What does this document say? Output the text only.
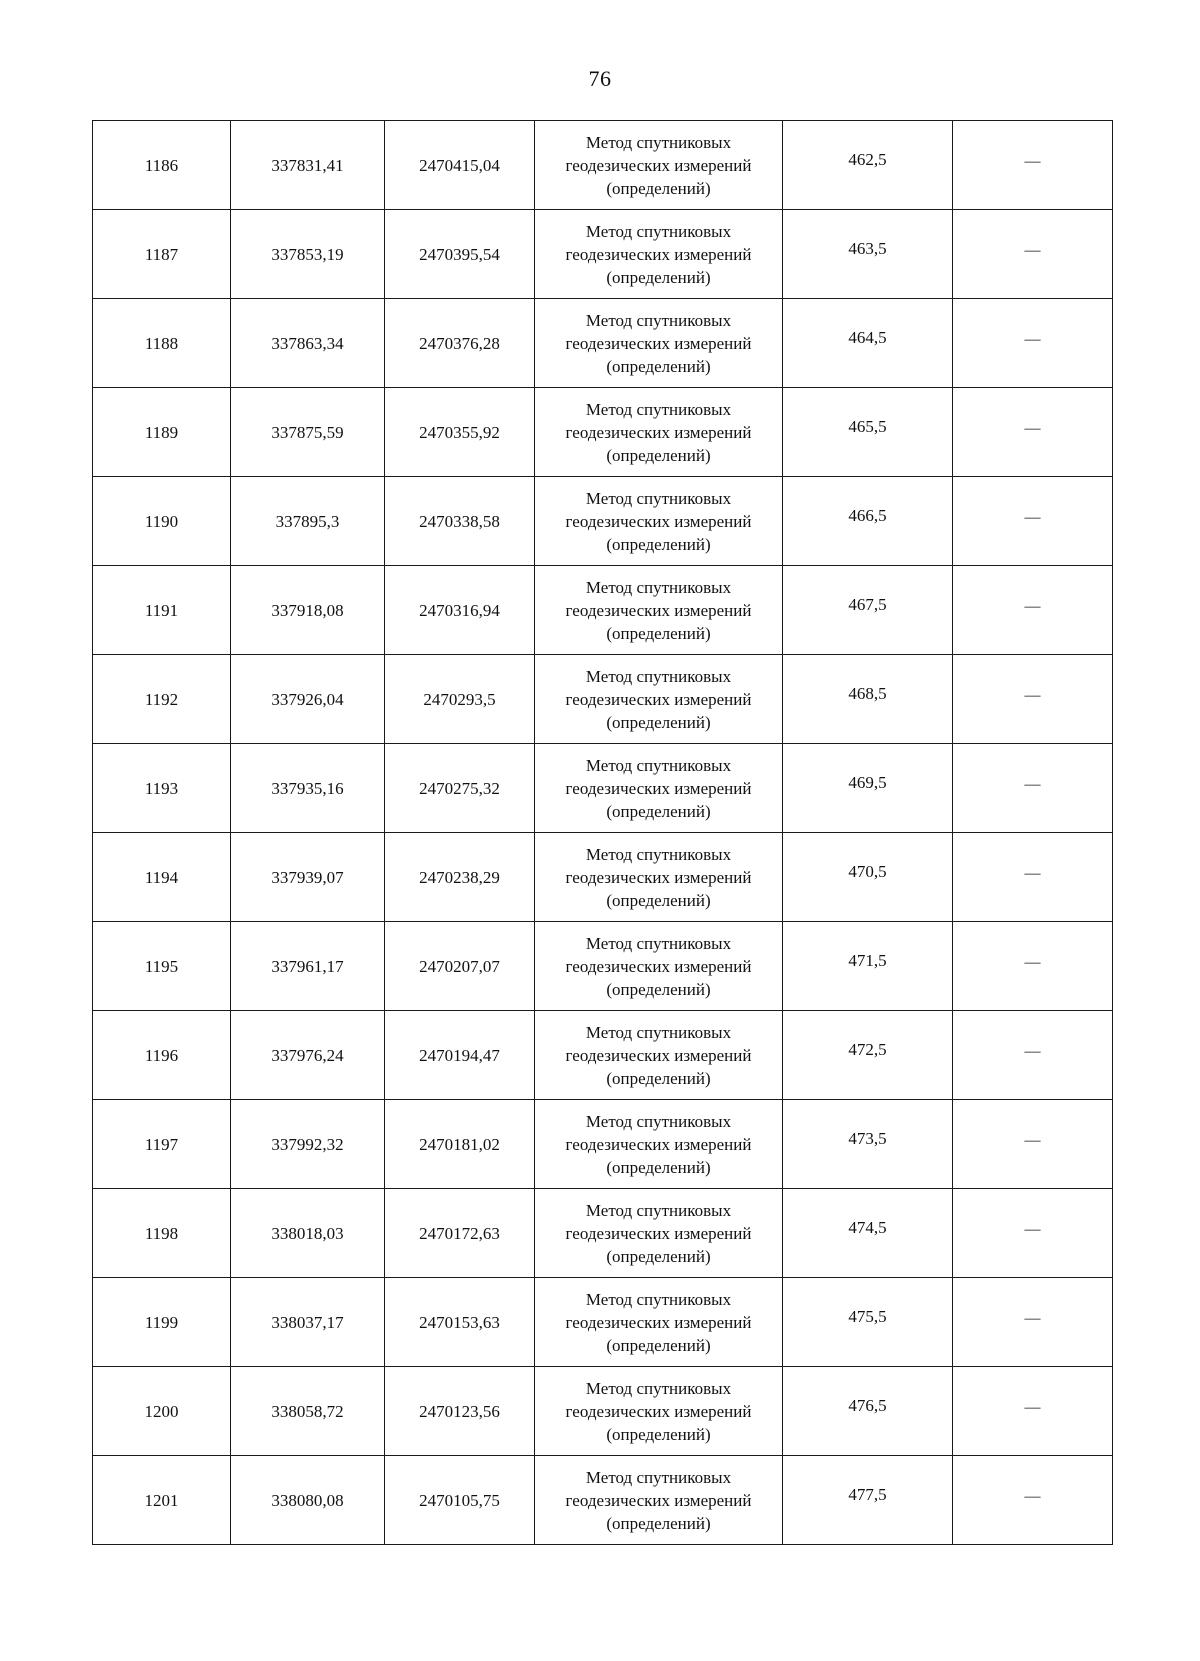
76
1186	337831,41	2470415,04	Метод спутниковых
геодезических измерений
(определений)	462,5	—
1187	337853,19	2470395,54	Метод спутниковых
геодезических измерений
(определений)	463,5	—
1188	337863,34	2470376,28	Метод спутниковых
геодезических измерений
(определений)	464,5	—
1189	337875,59	2470355,92	Метод спутниковых
геодезических измерений
(определений)	465,5	—
1190	337895,3	2470338,58	Метод спутниковых
геодезических измерений
(определений)	466,5	—
1191	337918,08	2470316,94	Метод спутниковых
геодезических измерений
(определений)	467,5	—
1192	337926,04	2470293,5	Метод спутниковых
геодезических измерений
(определений)	468,5	—
1193	337935,16	2470275,32	Метод спутниковых
геодезических измерений
(определений)	469,5	—
1194	337939,07	2470238,29	Метод спутниковых
геодезических измерений
(определений)	470,5	—
1195	337961,17	2470207,07	Метод спутниковых
геодезических измерений
(определений)	471,5	—
1196	337976,24	2470194,47	Метод спутниковых
геодезических измерений
(определений)	472,5	—
1197	337992,32	2470181,02	Метод спутниковых
геодезических измерений
(определений)	473,5	—
1198	338018,03	2470172,63	Метод спутниковых
геодезических измерений
(определений)	474,5	—
1199	338037,17	2470153,63	Метод спутниковых
геодезических измерений
(определений)	475,5	—
1200	338058,72	2470123,56	Метод спутниковых
геодезических измерений
(определений)	476,5	—
1201	338080,08	2470105,75	Метод спутниковых
геодезических измерений
(определений)	477,5	—
